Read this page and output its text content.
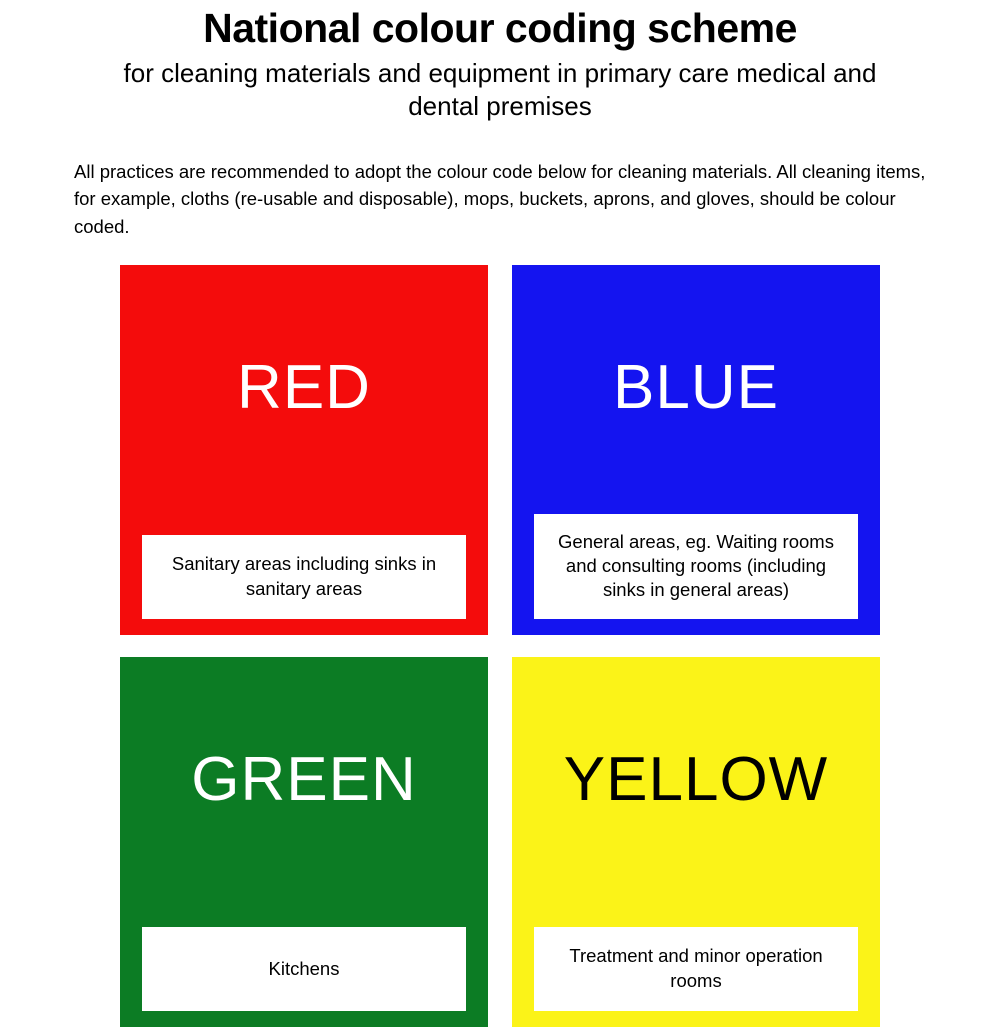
National colour coding scheme
for cleaning materials and equipment in primary care medical and dental premises

All practices are recommended to adopt the colour code below for cleaning materials. All cleaning items, for example, cloths (re-usable and disposable), mops, buckets, aprons, and gloves, should be colour coded.

RED
Sanitary areas including sinks in sanitary areas
BLUE
General areas, eg. Waiting rooms and consulting rooms (including sinks in general areas)
GREEN
Kitchens
YELLOW
Treatment and minor operation rooms
